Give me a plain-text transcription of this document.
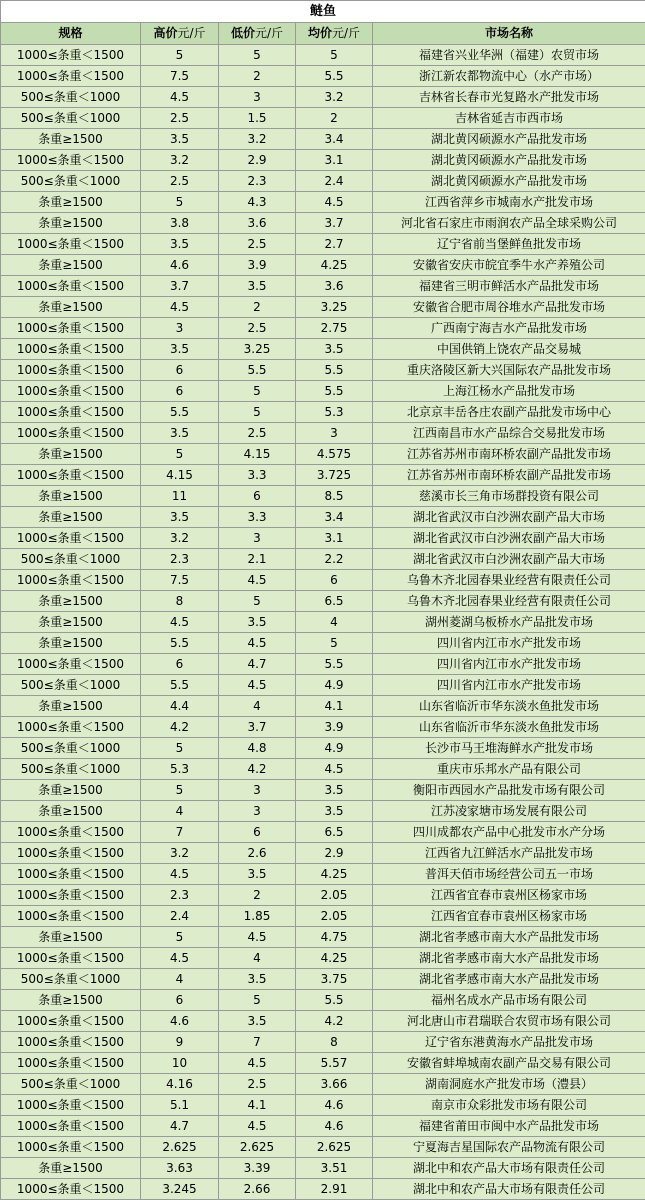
鲢鱼				
规格	高价元/斤	低价元/斤	均价元/斤	市场名称
1000≤条重＜1500	5	5	5	福建省兴业华洲（福建）农贸市场
1000≤条重＜1500	7.5	2	5.5	浙江新农都物流中心（水产市场）
500≤条重＜1000	4.5	3	3.2	吉林省长春市光复路水产批发市场
500≤条重＜1000	2.5	1.5	2	吉林省延吉市西市场
条重≥1500	3.5	3.2	3.4	湖北黄冈硕源水产品批发市场
1000≤条重＜1500	3.2	2.9	3.1	湖北黄冈硕源水产品批发市场
500≤条重＜1000	2.5	2.3	2.4	湖北黄冈硕源水产品批发市场
条重≥1500	5	4.3	4.5	江西省萍乡市城南水产批发市场
条重≥1500	3.8	3.6	3.7	河北省石家庄市雨润农产品全球采购公司
1000≤条重＜1500	3.5	2.5	2.7	辽宁省前当堡鲜鱼批发市场
条重≥1500	4.6	3.9	4.25	安徽省安庆市皖宜季牛水产养殖公司
1000≤条重＜1500	3.7	3.5	3.6	福建省三明市鲜活水产品批发市场
条重≥1500	4.5	2	3.25	安徽省合肥市周谷堆水产品批发市场
1000≤条重＜1500	3	2.5	2.75	广西南宁海吉水产品批发市场
1000≤条重＜1500	3.5	3.25	3.5	中国供销上饶农产品交易城
1000≤条重＜1500	6	5.5	5.5	重庆洛陵区新大兴国际农产品批发市场
1000≤条重＜1500	6	5	5.5	上海江杨水产品批发市场
1000≤条重＜1500	5.5	5	5.3	北京京丰岳各庄农副产品批发市场中心
1000≤条重＜1500	3.5	2.5	3	江西南昌市水产品综合交易批发市场
条重≥1500	5	4.15	4.575	江苏省苏州市南环桥农副产品批发市场
1000≤条重＜1500	4.15	3.3	3.725	江苏省苏州市南环桥农副产品批发市场
条重≥1500	11	6	8.5	慈溪市长三角市场群投资有限公司
条重≥1500	3.5	3.3	3.4	湖北省武汉市白沙洲农副产品大市场
1000≤条重＜1500	3.2	3	3.1	湖北省武汉市白沙洲农副产品大市场
500≤条重＜1000	2.3	2.1	2.2	湖北省武汉市白沙洲农副产品大市场
1000≤条重＜1500	7.5	4.5	6	乌鲁木齐北园春果业经营有限责任公司
条重≥1500	8	5	6.5	乌鲁木齐北园春果业经营有限责任公司
条重≥1500	4.5	3.5	4	湖州菱湖乌板桥水产品批发市场
条重≥1500	5.5	4.5	5	四川省内江市水产批发市场
1000≤条重＜1500	6	4.7	5.5	四川省内江市水产批发市场
500≤条重＜1000	5.5	4.5	4.9	四川省内江市水产批发市场
条重≥1500	4.4	4	4.1	山东省临沂市华东淡水鱼批发市场
1000≤条重＜1500	4.2	3.7	3.9	山东省临沂市华东淡水鱼批发市场
500≤条重＜1000	5	4.8	4.9	长沙市马王堆海鲜水产批发市场
500≤条重＜1000	5.3	4.2	4.5	重庆市乐邦水产品有限公司
条重≥1500	5	3	3.5	衡阳市西园水产品批发市场有限公司
条重≥1500	4	3	3.5	江苏凌家塘市场发展有限公司
1000≤条重＜1500	7	6	6.5	四川成都农产品中心批发市水产分场
1000≤条重＜1500	3.2	2.6	2.9	江西省九江鲜活水产品批发市场
1000≤条重＜1500	4.5	3.5	4.25	普洱天佰市场经营公司五一市场
1000≤条重＜1500	2.3	2	2.05	江西省宜春市袁州区杨家市场
1000≤条重＜1500	2.4	1.85	2.05	江西省宜春市袁州区杨家市场
条重≥1500	5	4.5	4.75	湖北省孝感市南大水产品批发市场
1000≤条重＜1500	4.5	4	4.25	湖北省孝感市南大水产品批发市场
500≤条重＜1000	4	3.5	3.75	湖北省孝感市南大水产品批发市场
条重≥1500	6	5	5.5	福州名成水产品市场有限公司
1000≤条重＜1500	4.6	3.5	4.2	河北唐山市君瑞联合农贸市场有限公司
1000≤条重＜1500	9	7	8	辽宁省东港黄海水产品批发市场
1000≤条重＜1500	10	4.5	5.57	安徽省蚌埠城南农副产品交易有限公司
500≤条重＜1000	4.16	2.5	3.66	湖南洞庭水产批发市场（澧县）
1000≤条重＜1500	5.1	4.1	4.6	南京市众彩批发市场有限公司
1000≤条重＜1500	4.7	4.5	4.6	福建省莆田市闽中水产品批发市场
1000≤条重＜1500	2.625	2.625	2.625	宁夏海吉星国际农产品物流有限公司
条重≥1500	3.63	3.39	3.51	湖北中和农产品大市场有限责任公司
1000≤条重＜1500	3.245	2.66	2.91	湖北中和农产品大市场有限责任公司
